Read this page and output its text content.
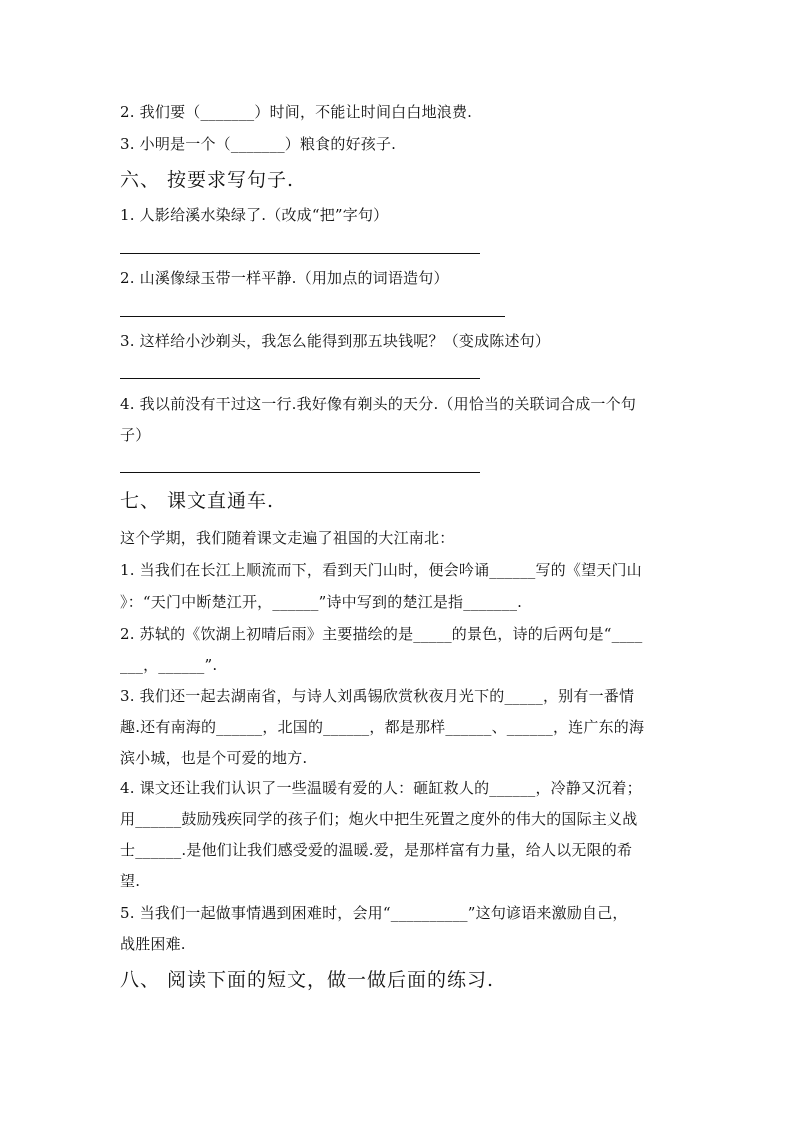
2. 我们要（_______）时间，不能让时间白白地浪费.
3. 小明是一个（_______）粮食的好孩子.
六、 按要求写句子.
1. 人影给溪水染绿了.（改成“把”字句）
2. 山溪像绿玉带一样平静.（用加点的词语造句）
3. 这样给小沙剃头，我怎么能得到那五块钱呢？（变成陈述句）
4. 我以前没有干过这一行.我好像有剃头的天分.（用恰当的关联词合成一个句
子）
七、 课文直通车.
这个学期，我们随着课文走遍了祖国的大江南北：
1. 当我们在长江上顺流而下，看到天门山时，便会吟诵______写的《望天门山
》：“天门中断楚江开，______”诗中写到的楚江是指_______.
2. 苏轼的《饮湖上初晴后雨》主要描绘的是_____的景色，诗的后两句是“____
___，______”.
3. 我们还一起去湖南省，与诗人刘禹锡欣赏秋夜月光下的_____，别有一番情
趣.还有南海的______，北国的______，都是那样______、______，连广东的海
滨小城，也是个可爱的地方.
4. 课文还让我们认识了一些温暖有爱的人：砸缸救人的______，冷静又沉着；
用______鼓励残疾同学的孩子们；炮火中把生死置之度外的伟大的国际主义战
士______.是他们让我们感受爱的温暖.爱，是那样富有力量，给人以无限的希
望.
5. 当我们一起做事情遇到困难时，会用“__________”这句谚语来激励自己，
战胜困难.
八、 阅读下面的短文，做一做后面的练习.
